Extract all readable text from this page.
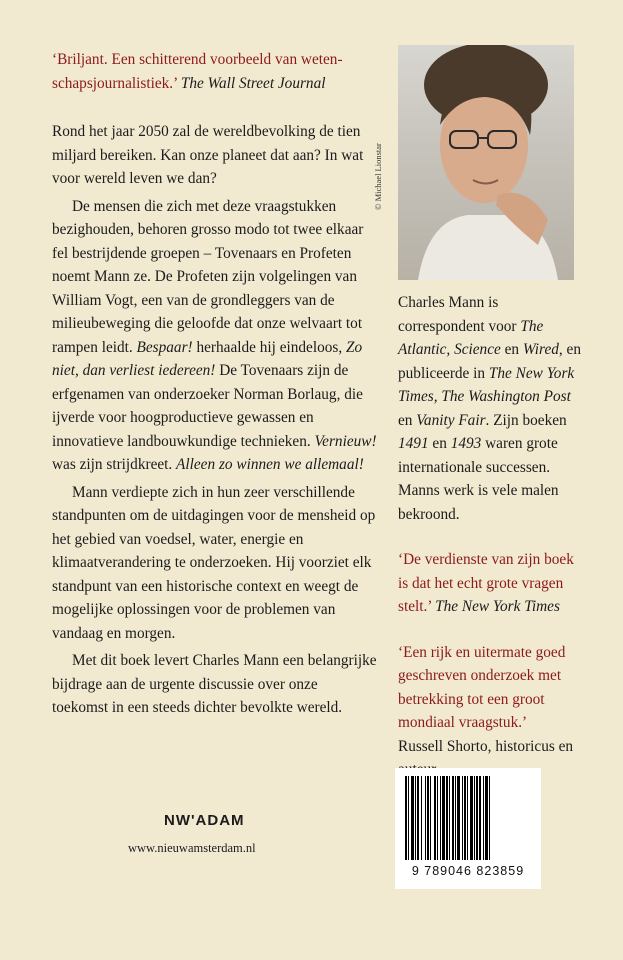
‘Briljant. Een schitterend voorbeeld van weten-
schapsjournalistiek.’ The Wall Street Journal

Rond het jaar 2050 zal de wereldbevolking de tien miljard bereiken. Kan onze planeet dat aan? In wat voor wereld leven we dan?

De mensen die zich met deze vraagstukken bezighouden, behoren grosso modo tot twee elkaar fel bestrijdende groepen – Tovenaars en Profeten noemt Mann ze. De Profeten zijn volgelingen van William Vogt, een van de grondleggers van de milieubeweging die geloofde dat onze welvaart tot rampen leidt. Bespaar! herhaalde hij eindeloos, Zo niet, dan verliest iedereen! De Tovenaars zijn de erfgenamen van onderzoeker Norman Borlaug, die ijverde voor hoogproductieve gewassen en innovatieve landbouwkundige technieken. Vernieuw! was zijn strijdkreet. Alleen zo winnen we allemaal!

Mann verdiepte zich in hun zeer verschillende standpunten om de uitdagingen voor de mensheid op het gebied van voedsel, water, energie en klimaatverandering te onderzoeken. Hij voorziet elk standpunt van een historische context en weegt de mogelijke oplossingen voor de problemen van vandaag en morgen.

Met dit boek levert Charles Mann een belangrijke bijdrage aan de urgente discussie over onze toekomst in een steeds dichter bevolkte wereld.

© Michael Lionstar

Charles Mann is correspondent voor The Atlantic, Science en Wired, en publiceerde in The New York Times, The Washington Post en Vanity Fair. Zijn boeken 1491 en 1493 waren grote internationale successen. Manns werk is vele malen bekroond.

‘De verdienste van zijn boek is dat het echt grote vragen stelt.’ The New York Times

‘Een rijk en uitermate goed geschreven onderzoek met betrekking tot een groot mondiaal vraagstuk.’
Russell Shorto, historicus en

9 789046 823859
NW'ADAM
www.nieuwamsterdam.nl
